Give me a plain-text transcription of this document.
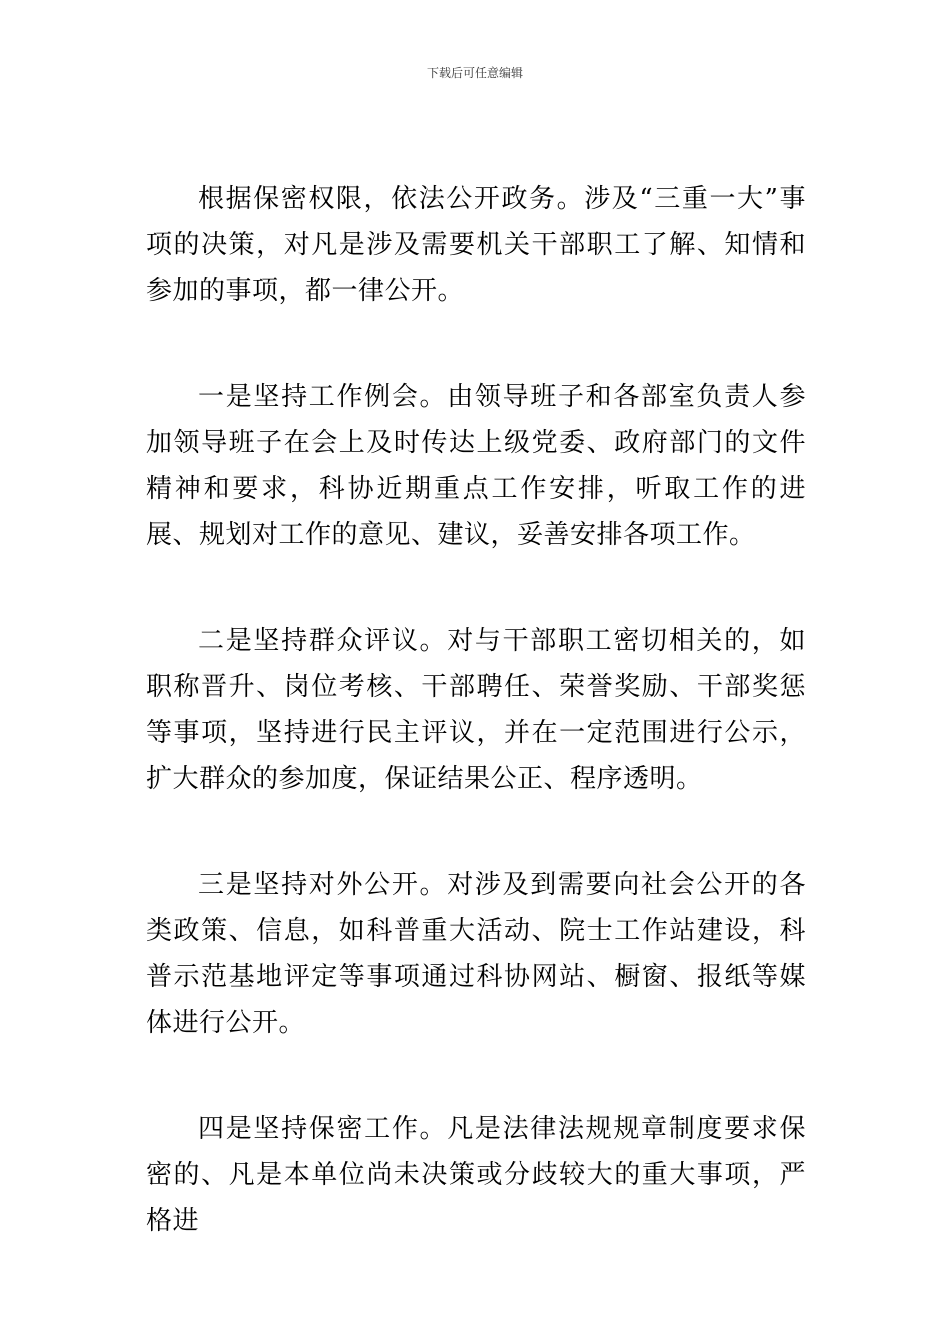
下载后可任意编辑

根据保密权限，依法公开政务。涉及“三重一大”事项的决策，对凡是涉及需要机关干部职工了解、知情和参加的事项，都一律公开。

一是坚持工作例会。由领导班子和各部室负责人参加领导班子在会上及时传达上级党委、政府部门的文件精神和要求，科协近期重点工作安排，听取工作的进展、规划对工作的意见、建议，妥善安排各项工作。

二是坚持群众评议。对与干部职工密切相关的，如职称晋升、岗位考核、干部聘任、荣誉奖励、干部奖惩等事项，坚持进行民主评议，并在一定范围进行公示，扩大群众的参加度，保证结果公正、程序透明。

三是坚持对外公开。对涉及到需要向社会公开的各类政策、信息，如科普重大活动、院士工作站建设，科普示范基地评定等事项通过科协网站、橱窗、报纸等媒体进行公开。

四是坚持保密工作。凡是法律法规规章制度要求保密的、凡是本单位尚未决策或分歧较大的重大事项，严格进
